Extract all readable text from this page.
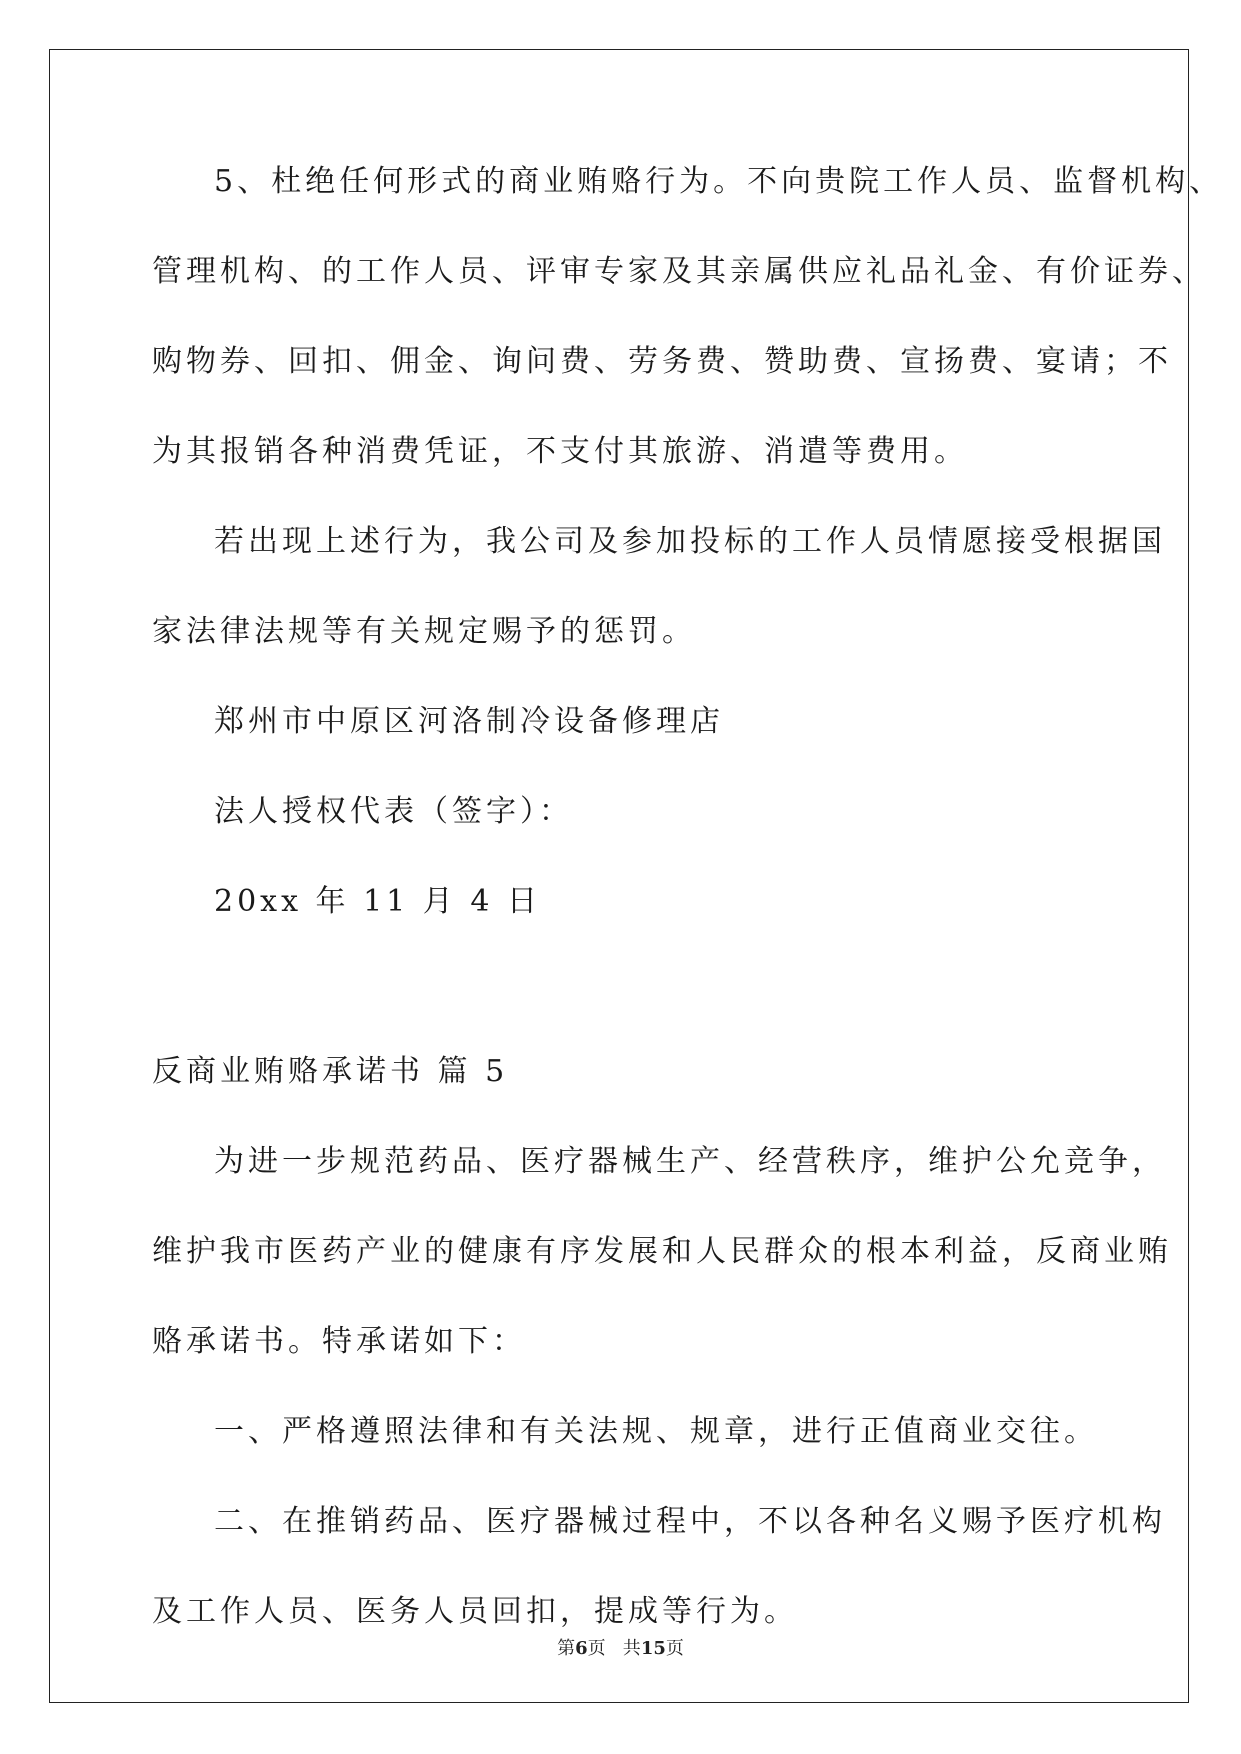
5、杜绝任何形式的商业贿赂行为。不向贵院工作人员、监督机构、
管理机构、的工作人员、评审专家及其亲属供应礼品礼金、有价证券、
购物券、回扣、佣金、询问费、劳务费、赞助费、宣扬费、宴请；不
为其报销各种消费凭证，不支付其旅游、消遣等费用。
若出现上述行为，我公司及参加投标的工作人员情愿接受根据国
家法律法规等有关规定赐予的惩罚。
郑州市中原区河洛制冷设备修理店
法人授权代表（签字）：
20xx 年 11 月 4 日
反商业贿赂承诺书 篇 5
为进一步规范药品、医疗器械生产、经营秩序，维护公允竞争，
维护我市医药产业的健康有序发展和人民群众的根本利益，反商业贿
赂承诺书。特承诺如下：
一、严格遵照法律和有关法规、规章，进行正值商业交往。
二、在推销药品、医疗器械过程中，不以各种名义赐予医疗机构
及工作人员、医务人员回扣，提成等行为。
第6页   共15页
